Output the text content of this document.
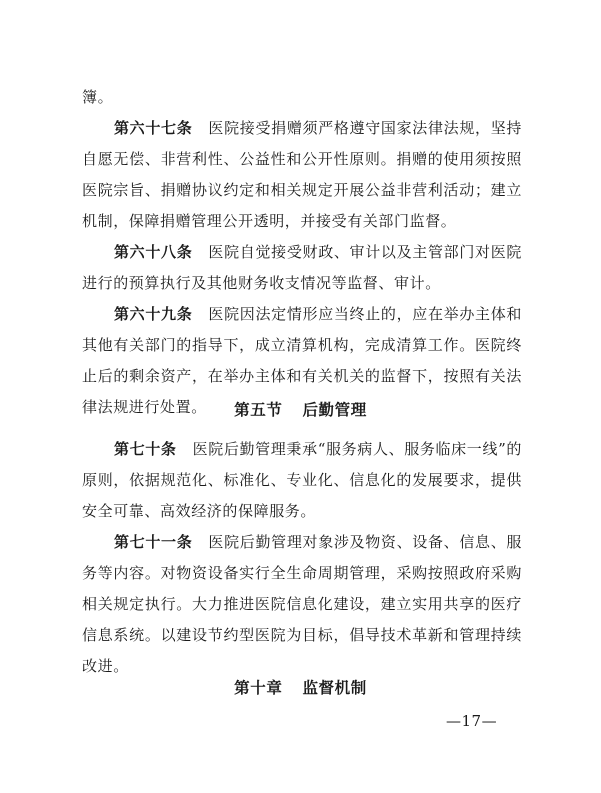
簿。

第六十七条 医院接受捐赠须严格遵守国家法律法规，坚持自愿无偿、非营利性、公益性和公开性原则。捐赠的使用须按照医院宗旨、捐赠协议约定和相关规定开展公益非营利活动；建立机制，保障捐赠管理公开透明，并接受有关部门监督。

第六十八条 医院自觉接受财政、审计以及主管部门对医院进行的预算执行及其他财务收支情况等监督、审计。

第六十九条 医院因法定情形应当终止的，应在举办主体和其他有关部门的指导下，成立清算机构，完成清算工作。医院终止后的剩余资产，在举办主体和有关机关的监督下，按照有关法律法规进行处置。	第五节 后勤管理

第七十条 医院后勤管理秉承“服务病人、服务临床一线”的原则，依据规范化、标准化、专业化、信息化的发展要求，提供安全可靠、高效经济的保障服务。

第七十一条 医院后勤管理对象涉及物资、设备、信息、服务等内容。对物资设备实行全生命周期管理，采购按照政府采购相关规定执行。大力推进医院信息化建设，建立实用共享的医疗信息系统。以建设节约型医院为目标，倡导技术革新和管理持续改进。

第十章 监督机制

—17—
